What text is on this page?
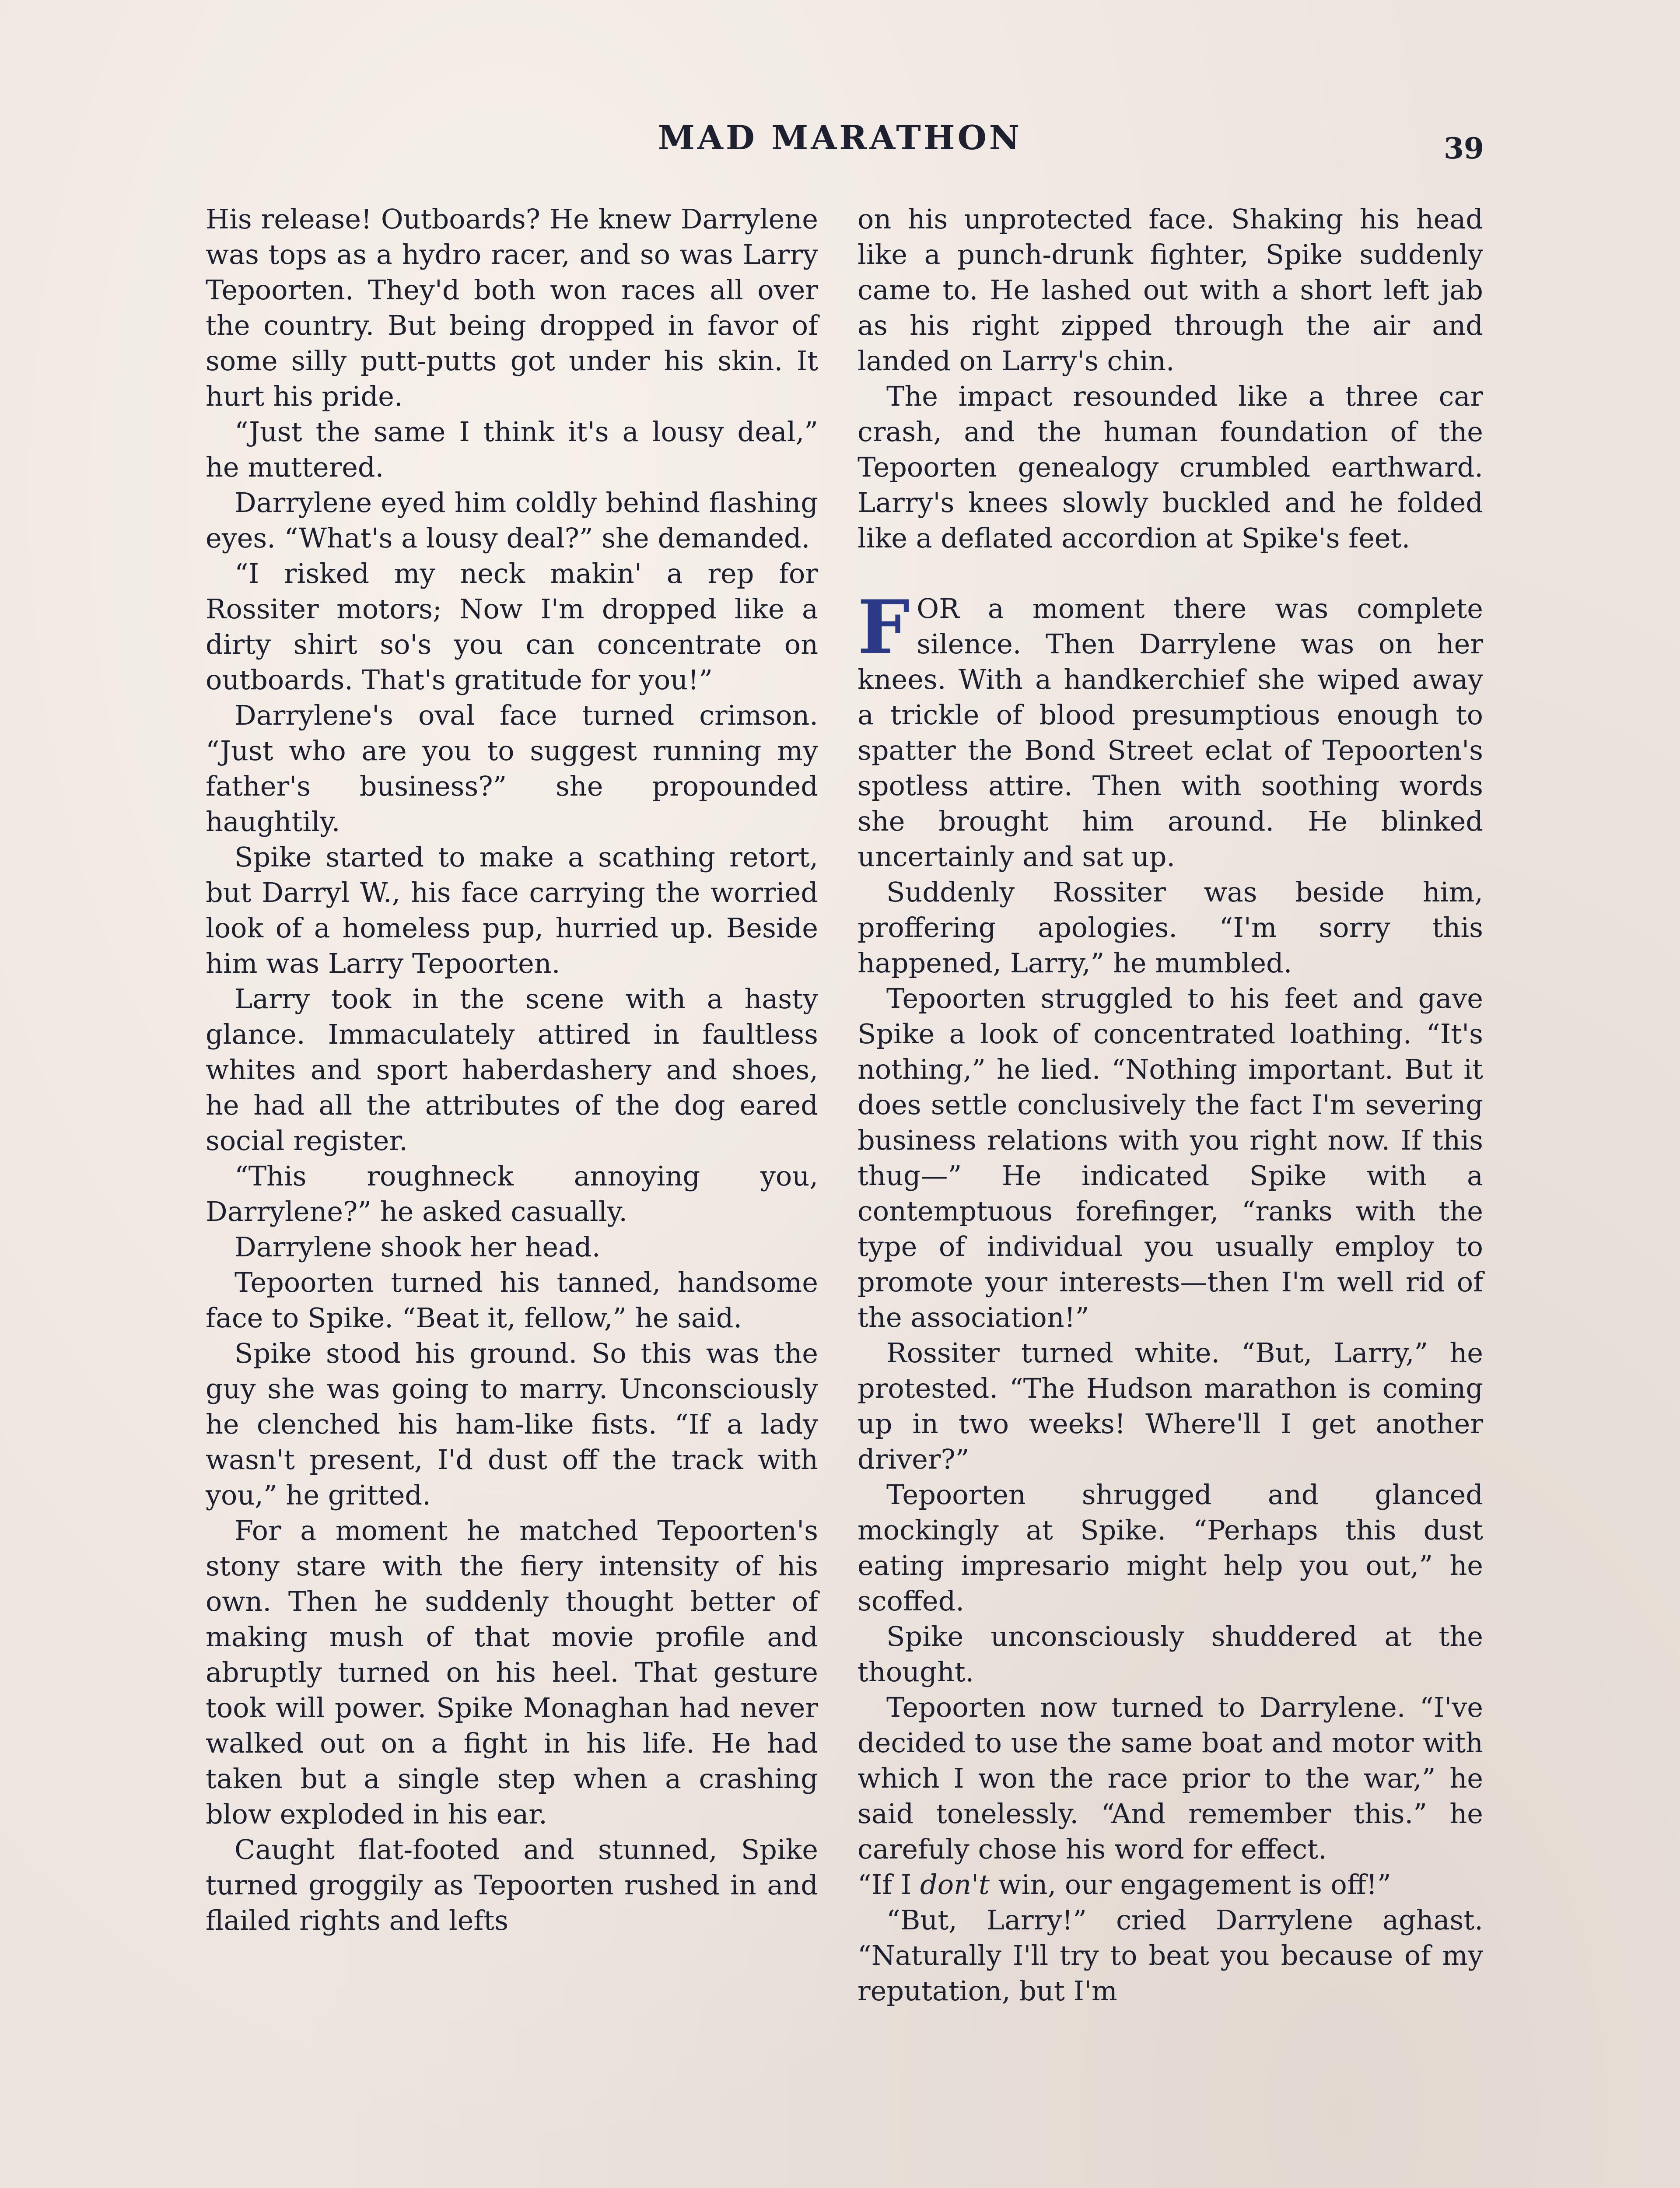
MAD MARATHON	39

His release! Outboards? He knew Darrylene was tops as a hydro racer, and so was Larry Tepoorten. They'd both won races all over the country. But being dropped in favor of some silly putt-putts got under his skin. It hurt his pride.

“Just the same I think it's a lousy deal,” he muttered.

Darrylene eyed him coldly behind flashing eyes. “What's a lousy deal?” she demanded.

“I risked my neck makin' a rep for Rossiter motors; Now I'm dropped like a dirty shirt so's you can concentrate on outboards. That's gratitude for you!”

Darrylene's oval face turned crimson. “Just who are you to suggest running my father's business?” she propounded haughtily.

Spike started to make a scathing retort, but Darryl W., his face carrying the worried look of a homeless pup, hurried up. Beside him was Larry Tepoorten.

Larry took in the scene with a hasty glance. Immaculately attired in faultless whites and sport haberdashery and shoes, he had all the attributes of the dog eared social register.

“This roughneck annoying you, Darrylene?” he asked casually.

Darrylene shook her head.

Tepoorten turned his tanned, handsome face to Spike. “Beat it, fellow,” he said.

Spike stood his ground. So this was the guy she was going to marry. Unconsciously he clenched his ham-like fists. “If a lady wasn't present, I'd dust off the track with you,” he gritted.

For a moment he matched Tepoorten's stony stare with the fiery intensity of his own. Then he suddenly thought better of making mush of that movie profile and abruptly turned on his heel. That gesture took will power. Spike Monaghan had never walked out on a fight in his life. He had taken but a single step when a crashing blow exploded in his ear.

Caught flat-footed and stunned, Spike turned groggily as Tepoorten rushed in and flailed rights and lefts

on his unprotected face. Shaking his head like a punch-drunk fighter, Spike suddenly came to. He lashed out with a short left jab as his right zipped through the air and landed on Larry's chin.

The impact resounded like a three car crash, and the human foundation of the Tepoorten genealogy crumbled earthward. Larry's knees slowly buckled and he folded like a deflated accordion at Spike's feet.

FOR a moment there was complete silence. Then Darrylene was on her knees. With a handkerchief she wiped away a trickle of blood presumptious enough to spatter the Bond Street eclat of Tepoorten's spotless attire. Then with soothing words she brought him around. He blinked uncertainly and sat up.

Suddenly Rossiter was beside him, proffering apologies. “I'm sorry this happened, Larry,” he mumbled.

Tepoorten struggled to his feet and gave Spike a look of concentrated loathing. “It's nothing,” he lied. “Nothing important. But it does settle conclusively the fact I'm severing business relations with you right now. If this thug—” He indicated Spike with a contemptuous forefinger, “ranks with the type of individual you usually employ to promote your interests—then I'm well rid of the association!”

Rossiter turned white. “But, Larry,” he protested. “The Hudson marathon is coming up in two weeks! Where'll I get another driver?”

Tepoorten shrugged and glanced mockingly at Spike. “Perhaps this dust eating impresario might help you out,” he scoffed.

Spike unconsciously shuddered at the thought.

Tepoorten now turned to Darrylene. “I've decided to use the same boat and motor with which I won the race prior to the war,” he said tonelessly. “And remember this.” he carefuly chose his word for effect.

“If I don't win, our engagement is off!”

“But, Larry!” cried Darrylene aghast. “Naturally I'll try to beat you because of my reputation, but I'm
